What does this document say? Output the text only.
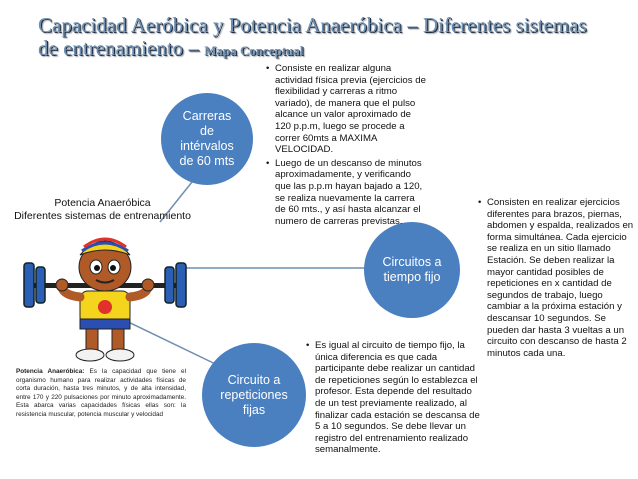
Capacidad Aeróbica y Potencia Anaeróbica – Diferentes sistemas
de entrenamiento – Mapa Conceptual
Carreras
de
intérvalos
de 60 mts
Circuitos a
tiempo fijo
Circuito a
repeticiones
fijas
• Consiste en realizar alguna actividad física previa (ejercicios de flexibilidad y carreras a ritmo variado), de manera que el pulso alcance un valor aproximado de 120 p.p.m, luego se procede a correr 60mts a MAXIMA VELOCIDAD.
• Luego de un descanso de minutos aproximadamente, y verificando que las p.p.m hayan bajado a 120, se realiza nuevamente la carrera de 60 mts., y así hasta alcanzar el numero de carreras previstas.
• Consisten en realizar ejercicios diferentes para brazos, piernas, abdomen y espalda, realizados en forma simultánea. Cada ejercicio se realiza en un sitio llamado Estación. Se deben realizar la mayor cantidad posibles de repeticiones en x cantidad de segundos de trabajo, luego cambiar a la próxima estación y descansar 10 segundos. Se pueden dar hasta 3 vueltas a un circuito con descanso de hasta 2 minutos cada una.
• Es igual al circuito de tiempo fijo, la única diferencia es que cada participante debe realizar un cantidad de repeticiones según lo establezca el profesor. Esta depende del resultado de un test previamente realizado, al finalizar cada estación se descansa de 5 a 10 segundos. Se debe llevar un registro del entrenamiento realizado semanalmente.
Potencia Anaeróbica
Diferentes sistemas de entrenamiento
Potencia Anaeróbica: Es la capacidad que tiene el organismo humano para realizar actividades físicas de corta duración, hasta tres minutos, y de alta intensidad, entre 170 y 220 pulsaciones por minuto aproximadamente. Esta abarca varias capacidades físicas ellas son: la resistencia muscular, potencia muscular y velocidad
